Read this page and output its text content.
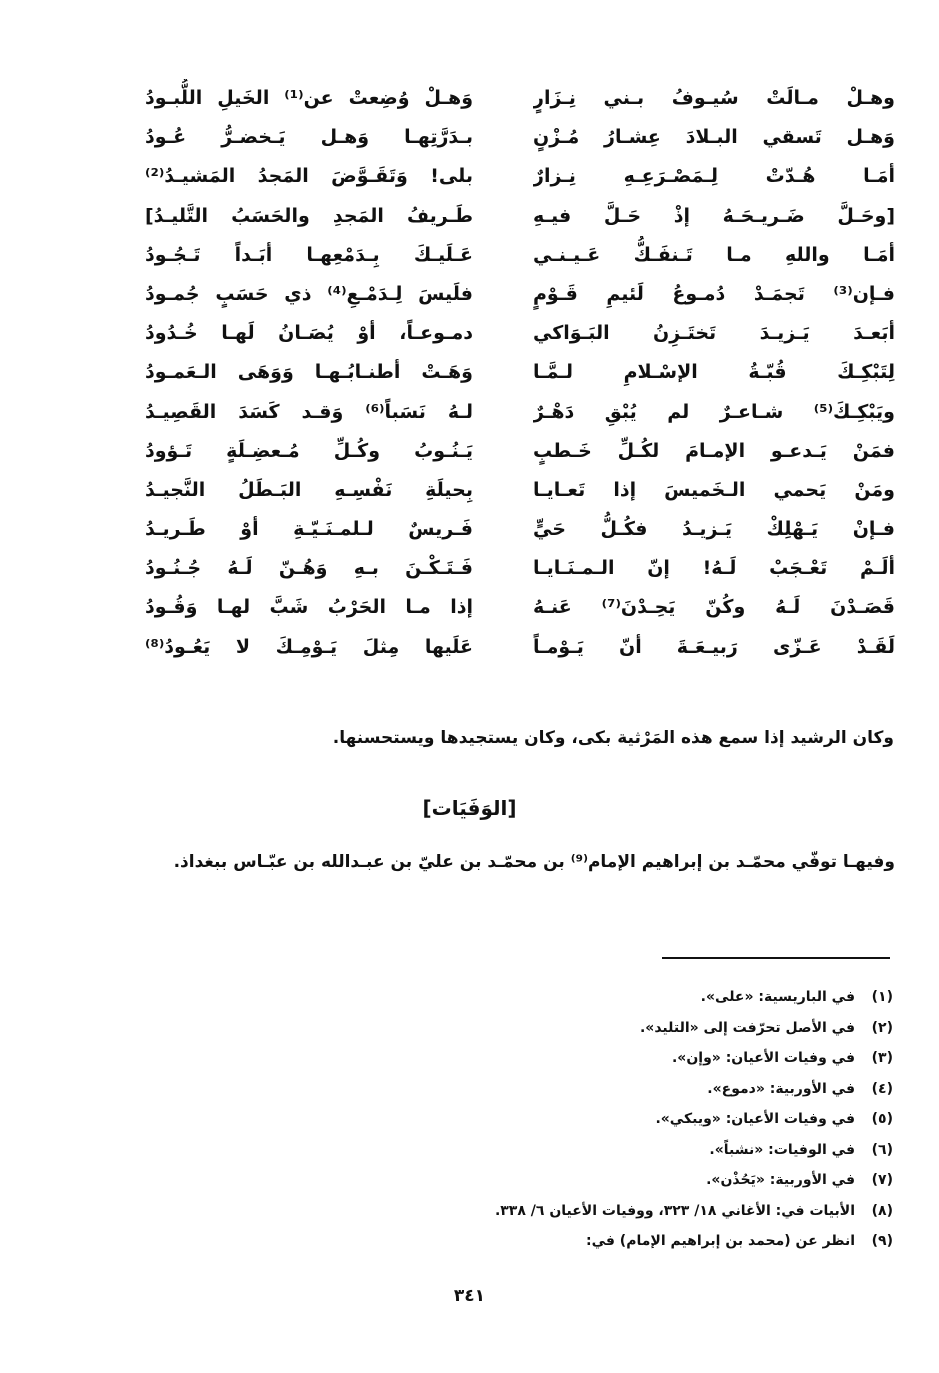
وهـلْ مـالَتْ سُيـوفُ بـني نِـزَارٍ
وَهـلْ وُضِعتْ عن⁽¹⁾ الخَيلِ اللُّبـودُ
وَهـل تَسقي البـلادَ عِشـارُ مُـزْنٍ
بـدَرَّتِهـا وَهـل يَـخضـرُّ عُـودُ
أمَـا هُـدّتْ لِـمَصْـرَعِـهِ نِـزارٌ
بلى! وَتَقَـوَّضَ المَجدُ المَشيـدُ⁽²⁾
[وحَـلَّ ضَـريـحَـهُ إذْ حَـلَّ فيـهِ
طَـريفُ المَجدِ والحَسَبُ التَّليـدُ]
أمَـا واللهِ مـا تَـنفَـكُّ عَـيـنـي
عَـلَيـكَ بِـدَمْعِهـا أبَـداً تَـجُـودُ
فـإن⁽³⁾ تَجمَـدْ دُمـوعُ لَئيمِ قَـوْمٍ
فلَيسَ لِـدَمْـعِ⁽⁴⁾ ذي حَسَبٍ جُمـودُ
أبَعـدَ يَـزيـدَ تَختَـزِنُ البَـوَاكي
دمـوعـاً، أوْ يُصَـانُ لَهـا خُـدُودُ
لِتَبْكِـكَ قُبّـةُ الإسْـلامِ لـمَّـا
وَهَـتْ أطنـابُـهـا وَوَهَى الـعَمـودُ
ويَبْكِـكَ⁽⁵⁾ شـاعـرٌ لم يُبْقِ دَهْـرٌ
لـهُ نَسَباً⁽⁶⁾ وَقـد كَسَدَ القَصِيـدُ
فمَنْ يَـدعـو الإمـامَ لكُـلِّ خَـطبٍ
يَـنُـوبُ وكُـلِّ مُـعضِـلَةٍ تَـؤودُ
ومَنْ يَحمي الـخَميسَ إذا تَعـايـا
بِحيلَةِ نَفْسِـهِ البَـطَلُ النَّجيـدُ
فـإنْ يَـهْلِكْ يَـزيـدُ فكُـلُّ حَيٍّ
فَـريسٌ لـلمـنَـيّـةِ أوْ طَـريـدُ
ألَـمْ تَعْـجَبْ لَـهُ! إنّ الـمـنَـايـا
فَـتَـكْـنَ بـهِ وَهُـنّ لَـهُ جُـنُـودُ
قَصَـدْنَ لَـهُ وكُنّ يَحِـدْنَ⁽⁷⁾ عَنـهُ
إذا مـا الحَرْبُ شَبَّ لهـا وَقُـودُ
لَقَـدْ عَـزّى رَبيـعَـةَ أنّ يَـوْمـاً
عَلَيها مِثلَ يَـوْمِـكَ لا يَعُـودُ⁽⁸⁾
وكان الرشيد إذا سمع هذه المَرْثية بكى، وكان يستجيدها ويستحسنها.
[الوَفَيَات]
وفيهـا توفّي محمّـد بن إبراهيم الإمام⁽⁹⁾ بن محمّـد بن عليّ بن عبـدالله بن عبّـاس ببغداذ.
(١)في الباريسية: «على».
(٢)في الأصل تحرّفت إلى «التليد».
(٣)في وفيات الأعيان: «وإن».
(٤)في الأوربية: «دموع».
(٥)في وفيات الأعيان: «ويبكي».
(٦)في الوفيات: «نشباً».
(٧)في الأوربية: «يَحُذْن».
(٨)الأبيات في: الأغاني ١٨/ ٣٢٣، ووفيات الأعيان ٦/ ٣٣٨.
(٩)انظر عن (محمد بن إبراهيم الإمام) في:
٣٤١
